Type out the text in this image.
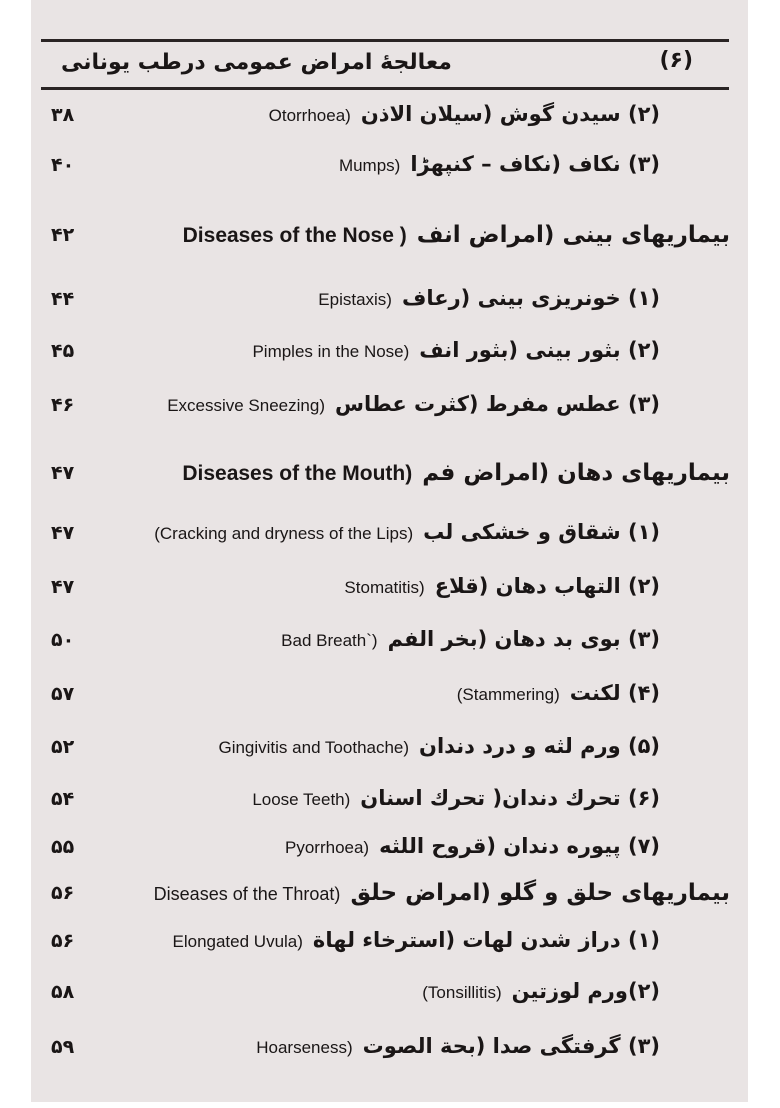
معالجهٔ امراض عمومی درطب یونانی	(۶)
۳۸	(۲) سیدن گوش (سیلان الاذنOtorrhoea)
۴۰	(۳) نکاف (نکاف – کنپھڑاMumps)
۴۲	بیماریهای بینی (امراض انفDiseases of the Nose )
۴۴	(۱) خونریزی بینی (رعافEpistaxis)
۴۵	(۲) بثور بینی (بثور انفPimples in the Nose)
۴۶	(۳) عطس مفرط (کثرت عطاسExcessive Sneezing)
۴۷	بیماریهای دهان (امراض فمDiseases of the Mouth)
۴۷	(۱) شقاق و خشکی لب(Cracking and dryness of the Lips)
۴۷	(۲) التهاب دهان (قلاعStomatitis)
۵۰	(۳) بوی بد دهان (بخر الفمBad Breath`)
۵۷	(۴) لکنت(Stammering)
۵۲	(۵) ورم لثه و درد دندانGingivitis and Toothache)
۵۴	(۶) تحرك دندان( تحرك اسنانLoose Teeth)
۵۵	(۷) پیوره دندان (قروح اللثهPyorrhoea)
۵۶	بیماریهای حلق و گلو (امراض حلقDiseases of the Throat)
۵۶	(۱) دراز شدن لهات (استرخاء لهاةElongated Uvula)
۵۸	(۲)ورم لوزتین(Tonsillitis)
۵۹	(۳) گرفتگی صدا (بحة الصوتHoarseness)
